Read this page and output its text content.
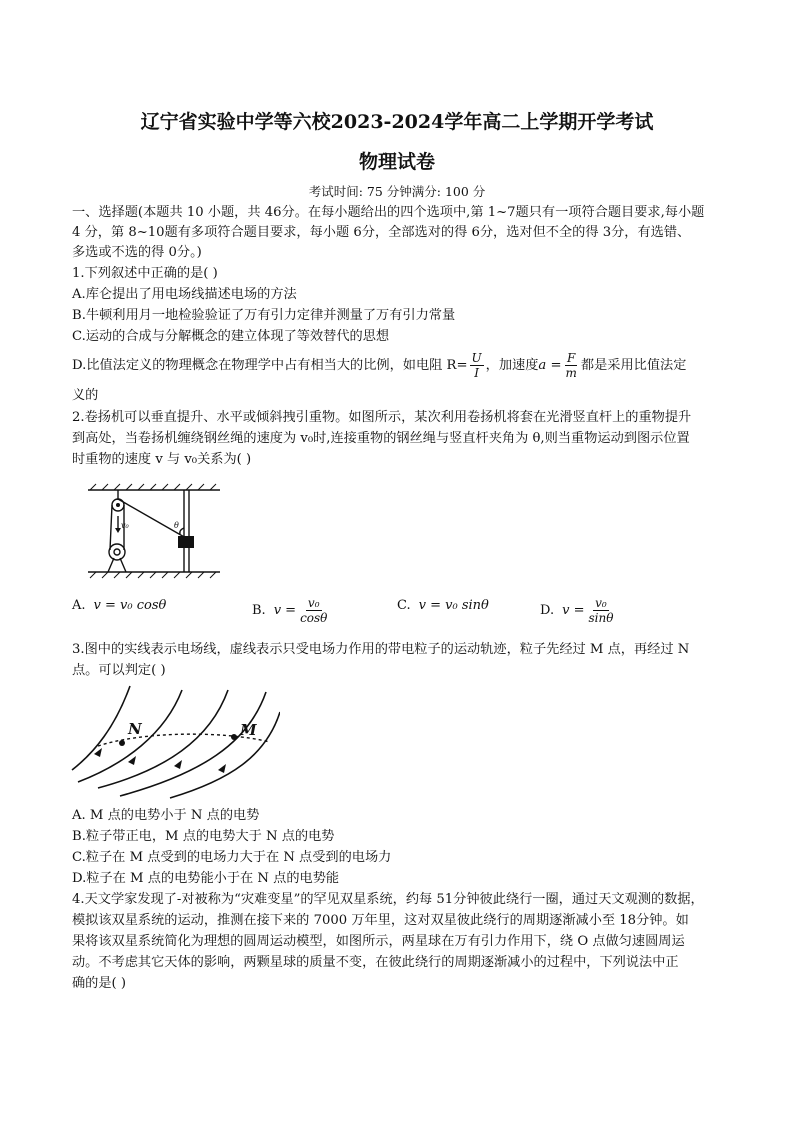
辽宁省实验中学等六校2023-2024学年高二上学期开学考试
物理试卷
考试时间: 75 分钟满分: 100 分
一、选择题(本题共 10 小题，共 46分。在每小题给出的四个选项中,第 1~7题只有一项符合题目要求,每小题
4 分，第 8~10题有多项符合题目要求，每小题 6分，全部选对的得 6分，选对但不全的得 3分，有选错、
多选或不选的得 0分。)
1.下列叙述中正确的是( )
A.库仑提出了用电场线描述电场的方法
B.牛顿利用月一地检验验证了万有引力定律并测量了万有引力常量
C.运动的合成与分解概念的建立体现了等效替代的思想
D.比值法定义的物理概念在物理学中占有相当大的比例，如电阻 $R= \frac{U}{I}$ ，加速度$a = \frac{F}{m}$ 都是采用比值法定
义的
2.卷扬机可以垂直提升、水平或倾斜拽引重物。如图所示，某次利用卷扬机将套在光滑竖直杆上的重物提升
到高处，当卷扬机缠绕钢丝绳的速度为 v₀时,连接重物的钢丝绳与竖直杆夹角为 θ,则当重物运动到图示位置
时重物的速度 v 与 v₀关系为( )
v₀	θ
A. v = v₀ cosθ	B. $v = \frac{\text{v₀}}{\cos\theta}$	C. v = v₀ sinθ	D. $v = \frac{\text{v₀}}{\sin\theta}$
3.图中的实线表示电场线，虚线表示只受电场力作用的带电粒子的运动轨迹，粒子先经过 M 点，再经过 N
点。可以判定( )
N	M
A. M 点的电势小于 N 点的电势
B.粒子带正电，M 点的电势大于 N 点的电势
C.粒子在 M 点受到的电场力大于在 N 点受到的电场力
D.粒子在 M 点的电势能小于在 N 点的电势能
4.天文学家发现了-对被称为“灾难变星”的罕见双星系统，约每 51分钟彼此绕行一圈，通过天文观测的数据，
模拟该双星系统的运动，推测在接下来的 7000 万年里，这对双星彼此绕行的周期逐渐减小至 18分钟。如
果将该双星系统简化为理想的圆周运动模型，如图所示，两星球在万有引力作用下，绕 O 点做匀速圆周运
动。不考虑其它天体的影响，两颗星球的质量不变，在彼此绕行的周期逐渐减小的过程中，下列说法中正
确的是( )
